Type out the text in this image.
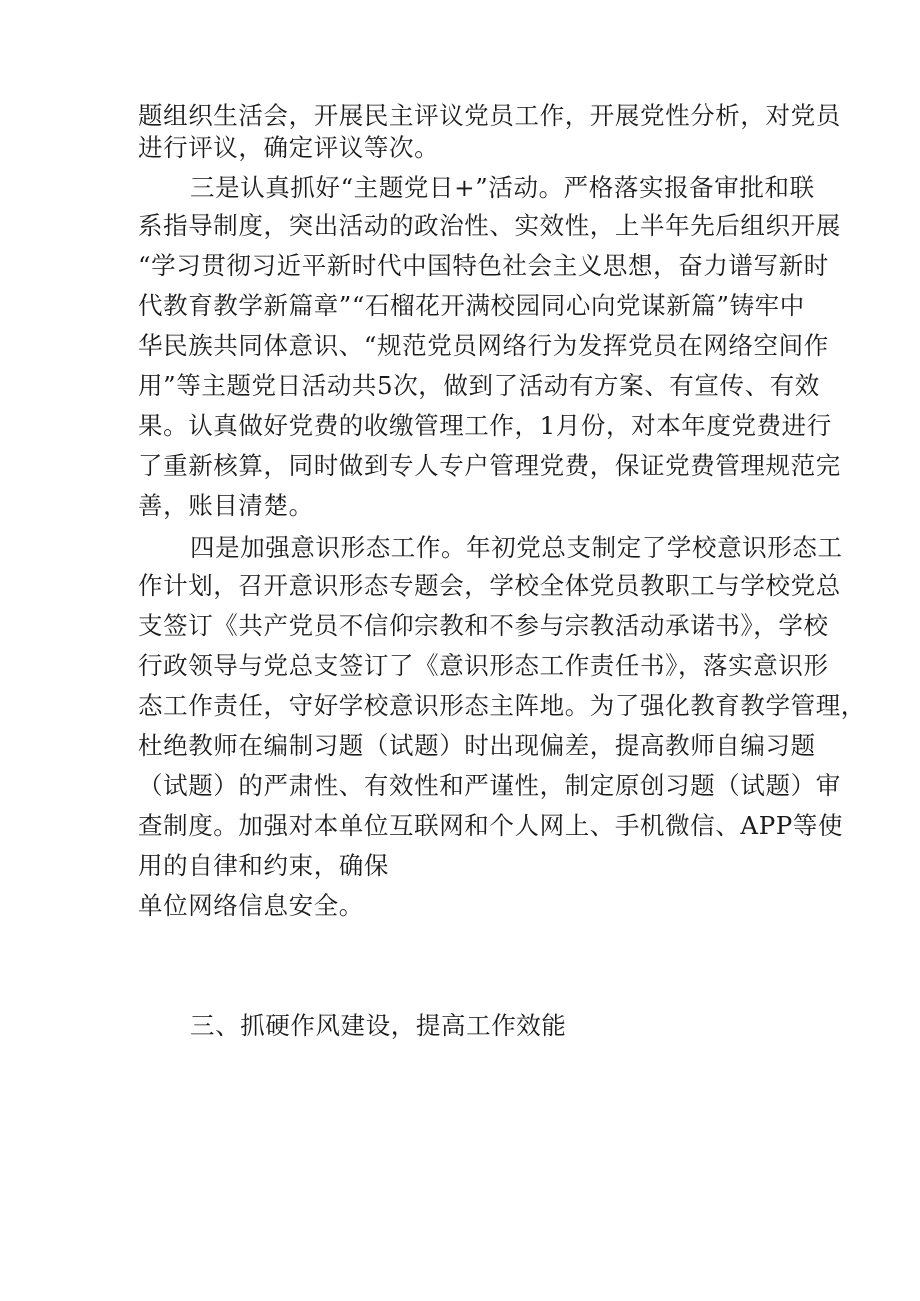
题组织生活会，开展民主评议党员工作，开展党性分析，对党员
进行评议，确定评议等次。
三是认真抓好“主题党日+”活动。严格落实报备审批和联
系指导制度，突出活动的政治性、实效性，上半年先后组织开展
“学习贯彻习近平新时代中国特色社会主义思想，奋力谱写新时
代教育教学新篇章”“石榴花开满校园同心向党谋新篇”铸牢中
华民族共同体意识、“规范党员网络行为发挥党员在网络空间作
用”等主题党日活动共5次，做到了活动有方案、有宣传、有效
果。认真做好党费的收缴管理工作，1月份，对本年度党费进行
了重新核算，同时做到专人专户管理党费，保证党费管理规范完
善，账目清楚。
四是加强意识形态工作。年初党总支制定了学校意识形态工
作计划，召开意识形态专题会，学校全体党员教职工与学校党总
支签订《共产党员不信仰宗教和不参与宗教活动承诺书》，学校
行政领导与党总支签订了《意识形态工作责任书》，落实意识形
态工作责任，守好学校意识形态主阵地。为了强化教育教学管理，
杜绝教师在编制习题（试题）时出现偏差，提高教师自编习题
（试题）的严肃性、有效性和严谨性，制定原创习题（试题）审
查制度。加强对本单位互联网和个人网上、手机微信、APP等使
用的自律和约束，确保
单位网络信息安全。
三、抓硬作风建设，提高工作效能
